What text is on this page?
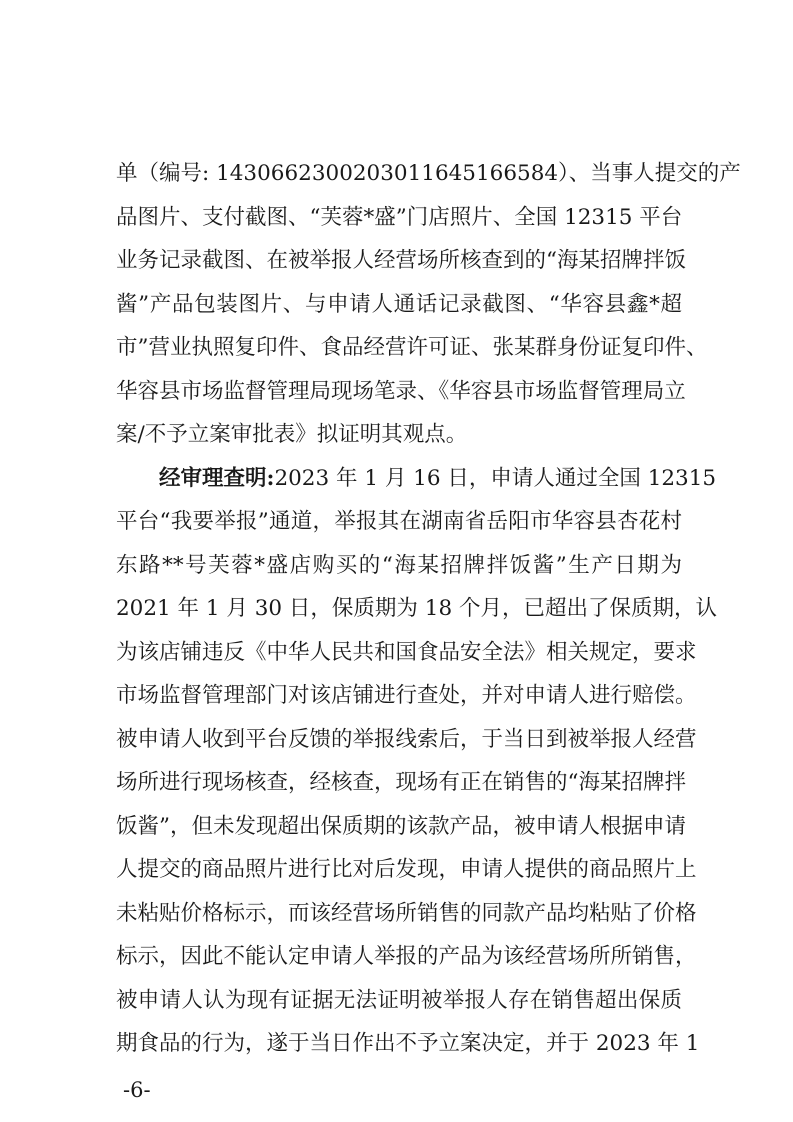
单（编号: 14306623002030116451665​84）、当事人提交的产
品图片、支付截图、“芙蓉*盛”门店照片、全国 12315 平台
业务记录截图、在被举报人经营场所核查到的“海某招牌拌饭
酱”产品包装图片、与申请人通话记录截图、“华容县鑫*超
市”营业执照复印件、食品经营许可证、张某群身份证复印件、
华容县市场监督管理局现场笔录、《华容县市场监督管理局立
案/不予立案审批表》拟证明其观点。
经审理查明:2023 年 1 月 16 日，申请人通过全国 12315
平台“我要举报”通道，举报其在湖南省岳阳市华容县杏花村
东路**号芙蓉*盛店购买的“海某招牌拌饭酱”生产日期为
2021 年 1 月 30 日，保质期为 18 个月，已超出了保质期，认
为该店铺违反《中华人民共和国食品安全法》相关规定，要求
市场监督管理部门对该店铺进行查处，并对申请人进行赔偿。
被申请人收到平台反馈的举报线索后，于当日到被举报人经营
场所进行现场核查，经核查，现场有正在销售的“海某招牌拌
饭酱”，但未发现超出保质期的该款产品，被申请人根据申请
人提交的商品照片进行比对后发现，申请人提供的商品照片上
未粘贴价格标示，而该经营场所销售的同款产品均粘贴了价格
标示，因此不能认定申请人举报的产品为该经营场所所销售，
被申请人认为现有证据无法证明被举报人存在销售超出保质
期食品的行为，遂于当日作出不予立案决定，并于 2023 年 1
-6-
